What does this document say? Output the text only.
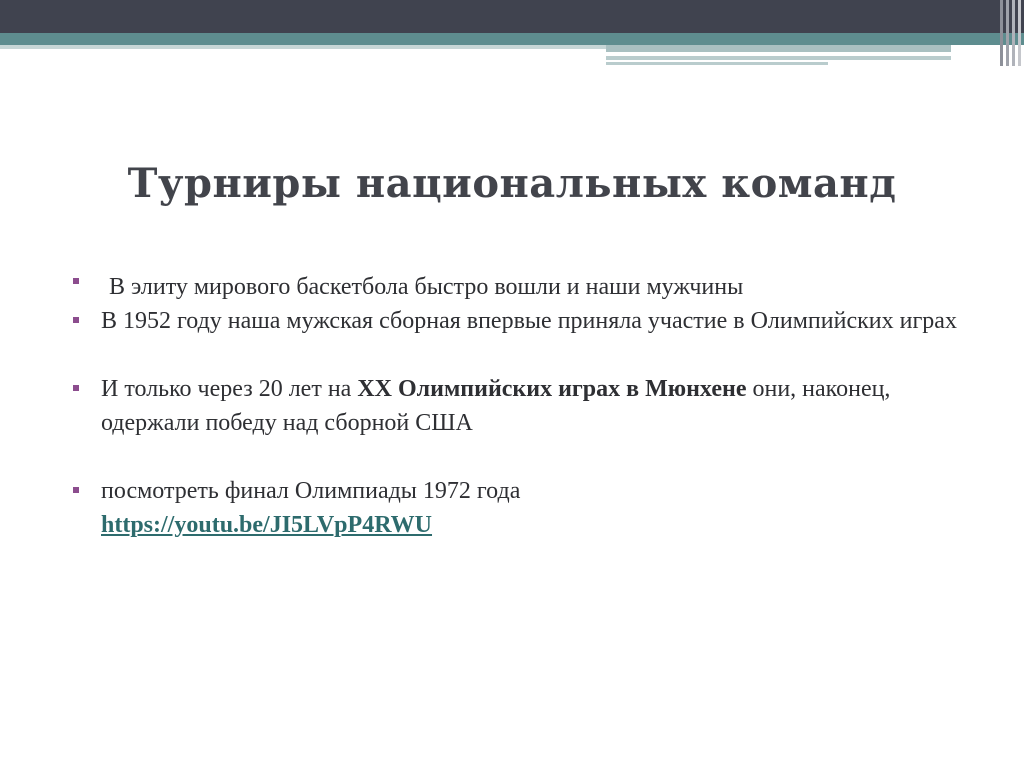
Турниры национальных команд
В элиту мирового баскетбола быстро вошли и наши мужчины
В 1952 году наша мужская сборная впервые приняла участие в Олимпийских играх
И только через 20 лет на XX Олимпийских играх в Мюнхене они, наконец, одержали победу над сборной США
посмотреть финал Олимпиады 1972 года
https://youtu.be/JI5LVpP4RWU
